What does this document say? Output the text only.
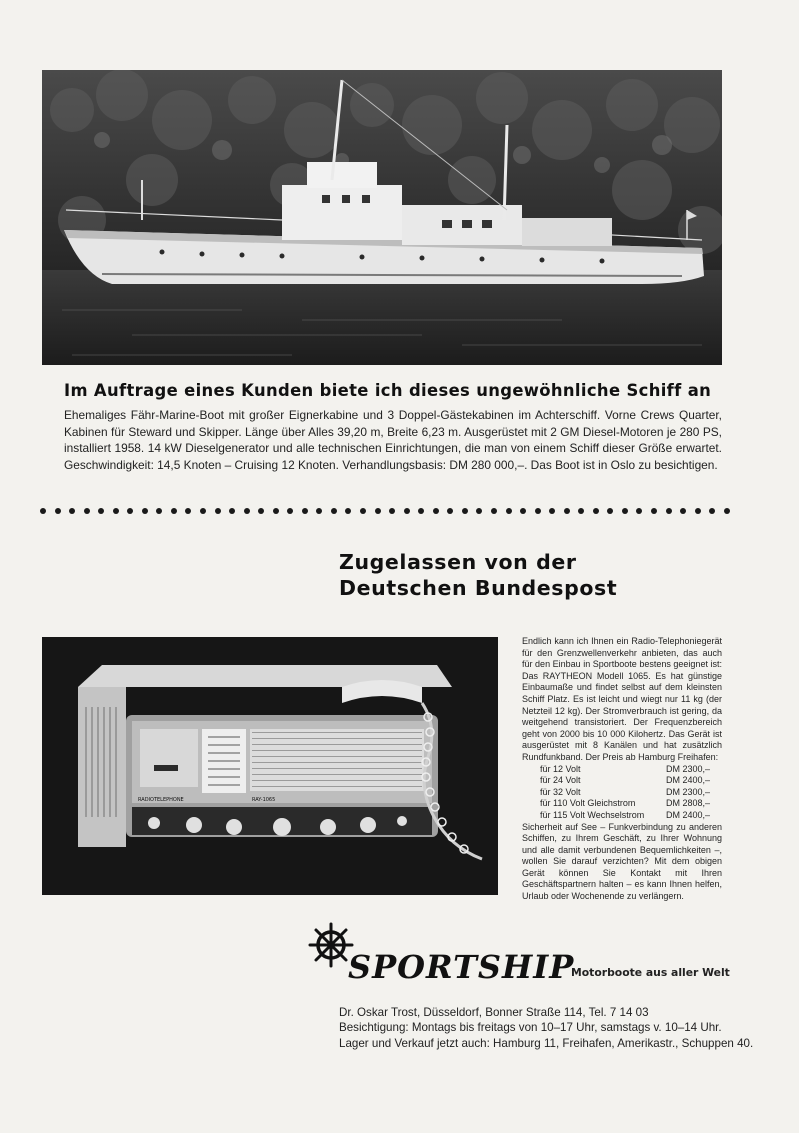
Im Auftrage eines Kunden biete ich dieses ungewöhnliche Schiff an
Ehemaliges Fähr-Marine-Boot mit großer Eignerkabine und 3 Doppel-Gästekabinen im Achterschiff. Vorne Crews Quarter, Kabinen für Steward und Skipper. Länge über Alles 39,20 m, Breite 6,23 m. Ausgerüstet mit 2 GM Diesel-Motoren je 280 PS, installiert 1958. 14 kW Dieselgenerator und alle technischen Einrichtungen, die man von einem Schiff dieser Größe erwartet. Geschwindigkeit: 14,5 Knoten – Cruising 12 Knoten. Verhandlungsbasis: DM 280 000,–. Das Boot ist in Oslo zu besichtigen.
Zugelassen von der
Deutschen Bundespost
RADIOTELEPHONE	RAY-1065

Endlich kann ich Ihnen ein Radio-Telephoniegerät für den Grenzwellenverkehr anbieten, das auch für den Einbau in Sportboote bestens geeignet ist: Das RAYTHEON Modell 1065. Es hat günstige Einbaumaße und findet selbst auf dem kleinsten Schiff Platz. Es ist leicht und wiegt nur 11 kg (der Netzteil 12 kg). Der Stromverbrauch ist gering, da weitgehend transistoriert. Der Frequenzbereich geht von 2000 bis 10 000 Kilohertz. Das Gerät ist ausgerüstet mit 8 Kanälen und hat zusätzlich Rundfunkband. Der Preis ab Hamburg Freihafen:

für 12 Volt	DM 2300,–
für 24 Volt	DM 2400,–
für 32 Volt	DM 2300,–
für 110 Volt Gleichstrom	DM 2808,–
für 115 Volt Wechselstrom	DM 2400,–

Sicherheit auf See – Funkverbindung zu anderen Schiffen, zu Ihrem Geschäft, zu Ihrer Wohnung und alle damit verbundenen Bequemlichkeiten –, wollen Sie darauf verzichten? Mit dem obigen Gerät können Sie Kontakt mit Ihren Geschäftspartnern halten – es kann Ihnen helfen, Urlaub oder Wochenende zu verlängern.

SPORTSHIP
Motorboote aus aller Welt
Dr. Oskar Trost, Düsseldorf, Bonner Straße 114, Tel. 7 14 03
Besichtigung: Montags bis freitags von 10–17 Uhr, samstags v. 10–14 Uhr.
Lager und Verkauf jetzt auch: Hamburg 11, Freihafen, Amerikastr., Schuppen 40.
